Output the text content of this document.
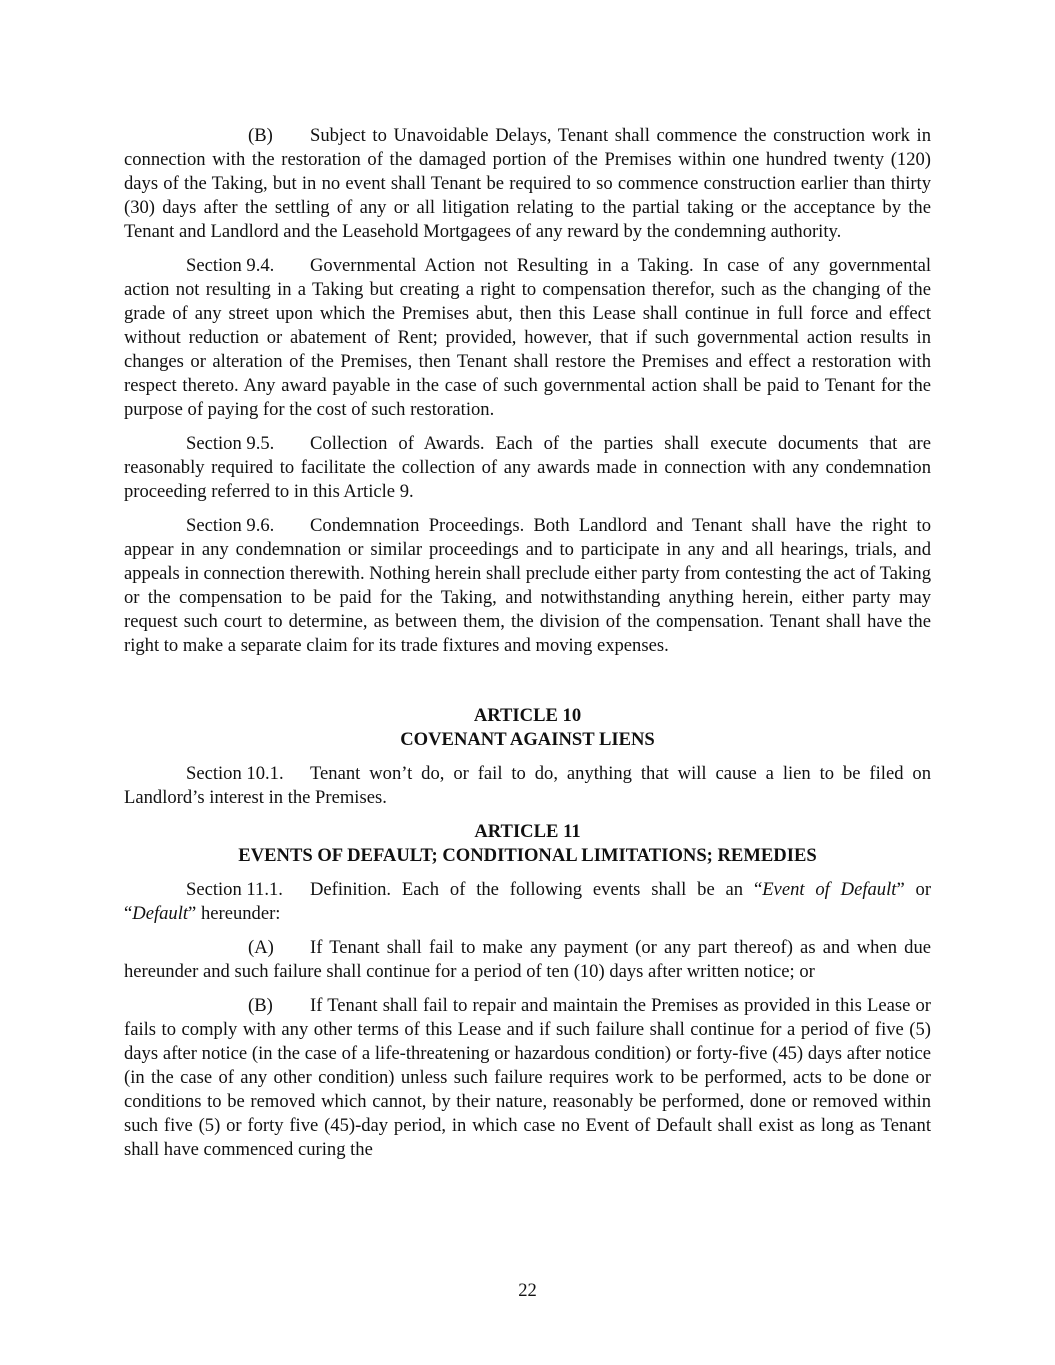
(B) Subject to Unavoidable Delays, Tenant shall commence the construction work in connection with the restoration of the damaged portion of the Premises within one hundred twenty (120) days of the Taking, but in no event shall Tenant be required to so commence construction earlier than thirty (30) days after the settling of any or all litigation relating to the partial taking or the acceptance by the Tenant and Landlord and the Leasehold Mortgagees of any reward by the condemning authority.

Section 9.4. Governmental Action not Resulting in a Taking. In case of any governmental action not resulting in a Taking but creating a right to compensation therefor, such as the changing of the grade of any street upon which the Premises abut, then this Lease shall continue in full force and effect without reduction or abatement of Rent; provided, however, that if such governmental action results in changes or alteration of the Premises, then Tenant shall restore the Premises and effect a restoration with respect thereto. Any award payable in the case of such governmental action shall be paid to Tenant for the purpose of paying for the cost of such restoration.

Section 9.5. Collection of Awards. Each of the parties shall execute documents that are reasonably required to facilitate the collection of any awards made in connection with any condemnation proceeding referred to in this Article 9.

Section 9.6. Condemnation Proceedings. Both Landlord and Tenant shall have the right to appear in any condemnation or similar proceedings and to participate in any and all hearings, trials, and appeals in connection therewith. Nothing herein shall preclude either party from contesting the act of Taking or the compensation to be paid for the Taking, and notwithstanding anything herein, either party may request such court to determine, as between them, the division of the compensation. Tenant shall have the right to make a separate claim for its trade fixtures and moving expenses.

ARTICLE 10

COVENANT AGAINST LIENS

Section 10.1. Tenant won’t do, or fail to do, anything that will cause a lien to be filed on Landlord’s interest in the Premises.

ARTICLE 11

EVENTS OF DEFAULT; CONDITIONAL LIMITATIONS; REMEDIES

Section 11.1. Definition. Each of the following events shall be an “Event of Default” or “Default” hereunder:

(A) If Tenant shall fail to make any payment (or any part thereof) as and when due hereunder and such failure shall continue for a period of ten (10) days after written notice; or

(B) If Tenant shall fail to repair and maintain the Premises as provided in this Lease or fails to comply with any other terms of this Lease and if such failure shall continue for a period of five (5) days after notice (in the case of a life-threatening or hazardous condition) or forty-five (45) days after notice (in the case of any other condition) unless such failure requires work to be performed, acts to be done or conditions to be removed which cannot, by their nature, reasonably be performed, done or removed within such five (5) or forty five (45)-day period, in which case no Event of Default shall exist as long as Tenant shall have commenced curing the

22
